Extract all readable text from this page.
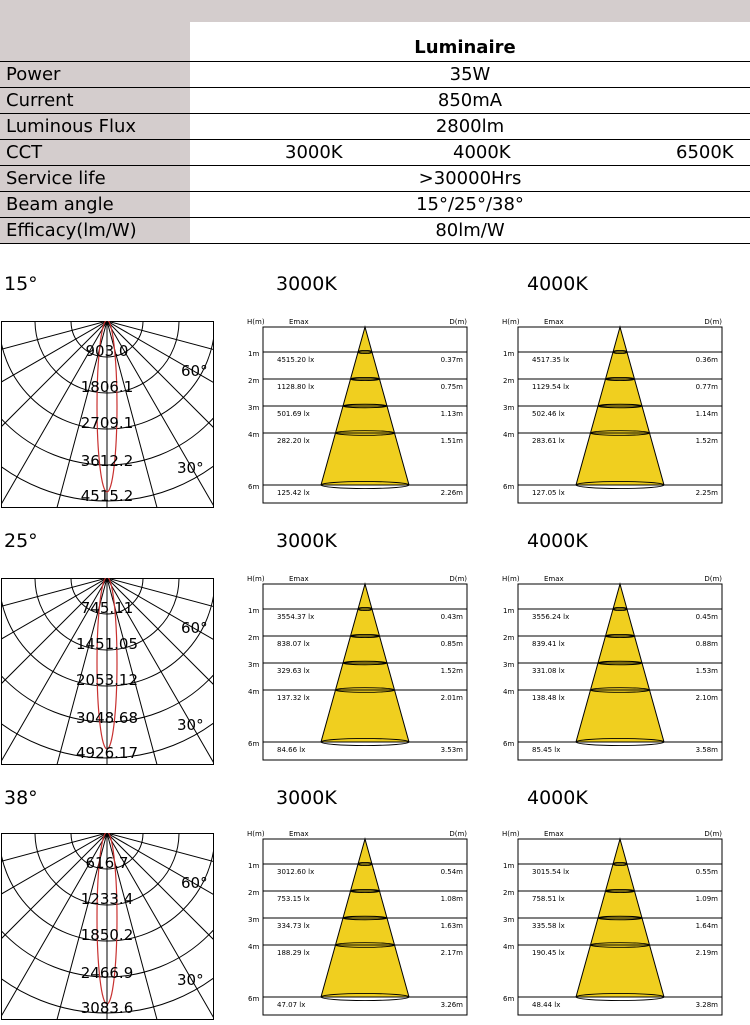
Luminaire
Power	35W
Current	850mA
Luminous Flux	2800lm
CCT	3000K	4000K	6500K
Service life	>30000Hrs
Beam angle	15°/25°/38°
Efficacy(lm/W)	80lm/W
15°	3000K	4000K
903.0
1806.1
2709.1
3612.2
4515.2
60°
30°
H(m)	Emax	D(m)
1m
4515.20 lx	0.37m
2m
1128.80 lx	0.75m
3m
501.69 lx	1.13m
4m
282.20 lx	1.51m
6m
125.42 lx	2.26m
H(m)	Emax	D(m)
1m
4517.35 lx	0.36m
2m
1129.54 lx	0.77m
3m
502.46 lx	1.14m
4m
283.61 lx	1.52m
6m
127.05 lx	2.25m
25°	3000K	4000K
745.11
1451.05
2053.12
3048.68
4926.17
60°
30°
H(m)	Emax	D(m)
1m
3554.37 lx	0.43m
2m
838.07 lx	0.85m
3m
329.63 lx	1.52m
4m
137.32 lx	2.01m
6m
84.66 lx	3.53m
H(m)	Emax	D(m)
1m
3556.24 lx	0.45m
2m
839.41 lx	0.88m
3m
331.08 lx	1.53m
4m
138.48 lx	2.10m
6m
85.45 lx	3.58m
38°	3000K	4000K
616.7
1233.4
1850.2
2466.9
3083.6
60°
30°
H(m)	Emax	D(m)
1m
3012.60 lx	0.54m
2m
753.15 lx	1.08m
3m
334.73 lx	1.63m
4m
188.29 lx	2.17m
6m
47.07 lx	3.26m
H(m)	Emax	D(m)
1m
3015.54 lx	0.55m
2m
758.51 lx	1.09m
3m
335.58 lx	1.64m
4m
190.45 lx	2.19m
6m
48.44 lx	3.28m
